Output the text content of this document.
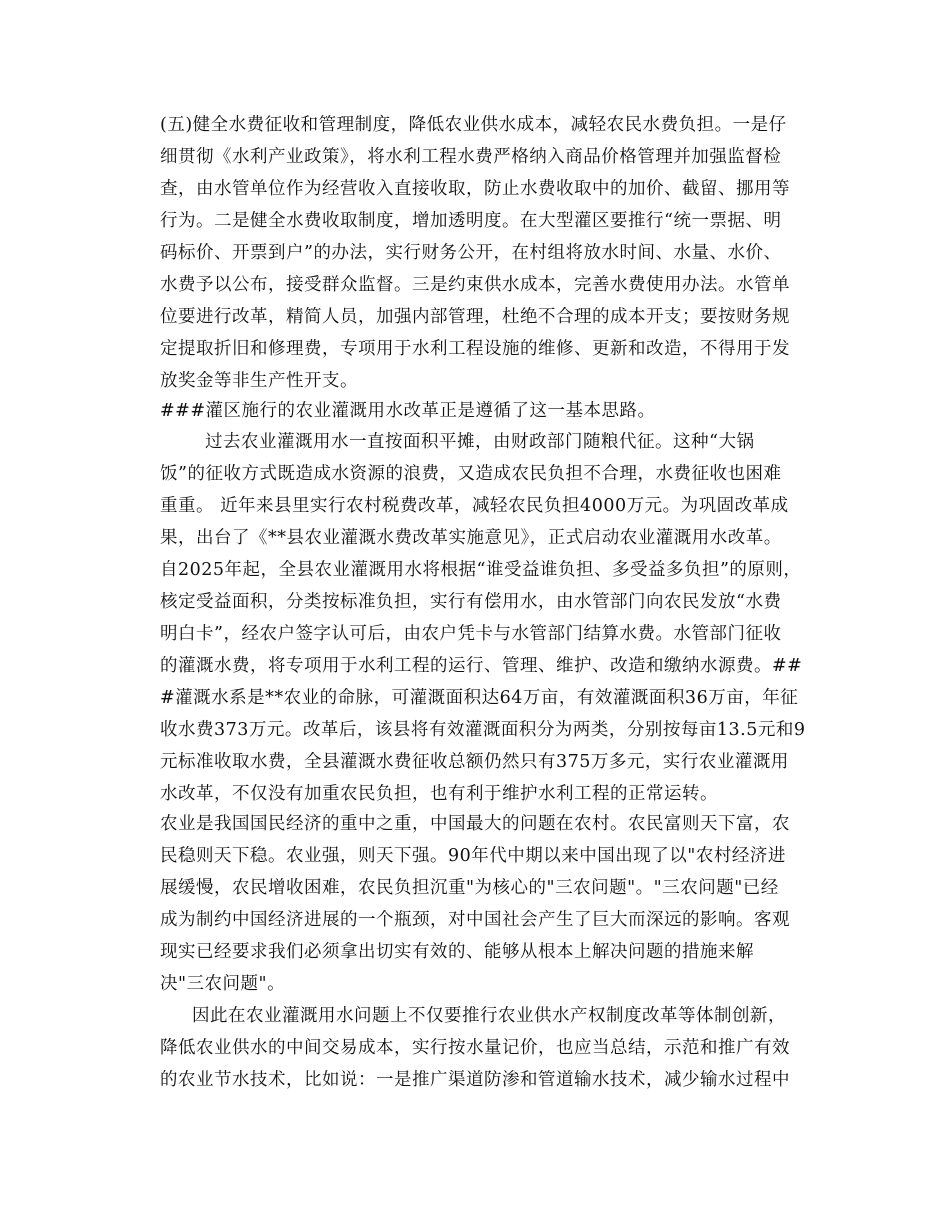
(五)健全水费征收和管理制度，降低农业供水成本，减轻农民水费负担。一是仔
细贯彻《水利产业政策》，将水利工程水费严格纳入商品价格管理并加强监督检
查，由水管单位作为经营收入直接收取，防止水费收取中的加价、截留、挪用等
行为。二是健全水费收取制度，增加透明度。在大型灌区要推行“统一票据、明
码标价、开票到户”的办法，实行财务公开，在村组将放水时间、水量、水价、
水费予以公布，接受群众监督。三是约束供水成本，完善水费使用办法。水管单
位要进行改革，精简人员，加强内部管理，杜绝不合理的成本开支；要按财务规
定提取折旧和修理费，专项用于水利工程设施的维修、更新和改造，不得用于发
放奖金等非生产性开支。
###灌区施行的农业灌溉用水改革正是遵循了这一基本思路。
过去农业灌溉用水一直按面积平摊，由财政部门随粮代征。这种“大锅
饭”的征收方式既造成水资源的浪费，又造成农民负担不合理，水费征收也困难
重重。 近年来县里实行农村税费改革，减轻农民负担4000万元。为巩固改革成
果，出台了《**县农业灌溉水费改革实施意见》，正式启动农业灌溉用水改革。
自2025年起，全县农业灌溉用水将根据“谁受益谁负担、多受益多负担”的原则，
核定受益面积，分类按标准负担，实行有偿用水，由水管部门向农民发放“水费
明白卡”，经农户签字认可后，由农户凭卡与水管部门结算水费。水管部门征收
的灌溉水费，将专项用于水利工程的运行、管理、维护、改造和缴纳水源费。##
#灌溉水系是**农业的命脉，可灌溉面积达64万亩，有效灌溉面积36万亩，年征
收水费373万元。改革后，该县将有效灌溉面积分为两类，分别按每亩13.5元和9
元标准收取水费，全县灌溉水费征收总额仍然只有375万多元，实行农业灌溉用
水改革，不仅没有加重农民负担，也有利于维护水利工程的正常运转。
农业是我国国民经济的重中之重，中国最大的问题在农村。农民富则天下富，农
民稳则天下稳。农业强，则天下强。90年代中期以来中国出现了以"农村经济进
展缓慢，农民增收困难，农民负担沉重"为核心的"三农问题"。"三农问题"已经
成为制约中国经济进展的一个瓶颈，对中国社会产生了巨大而深远的影响。客观
现实已经要求我们必须拿出切实有效的、能够从根本上解决问题的措施来解
决"三农问题"。
因此在农业灌溉用水问题上不仅要推行农业供水产权制度改革等体制创新，
降低农业供水的中间交易成本，实行按水量记价，也应当总结，示范和推广有效
的农业节水技术，比如说：一是推广渠道防渗和管道输水技术，减少输水过程中
